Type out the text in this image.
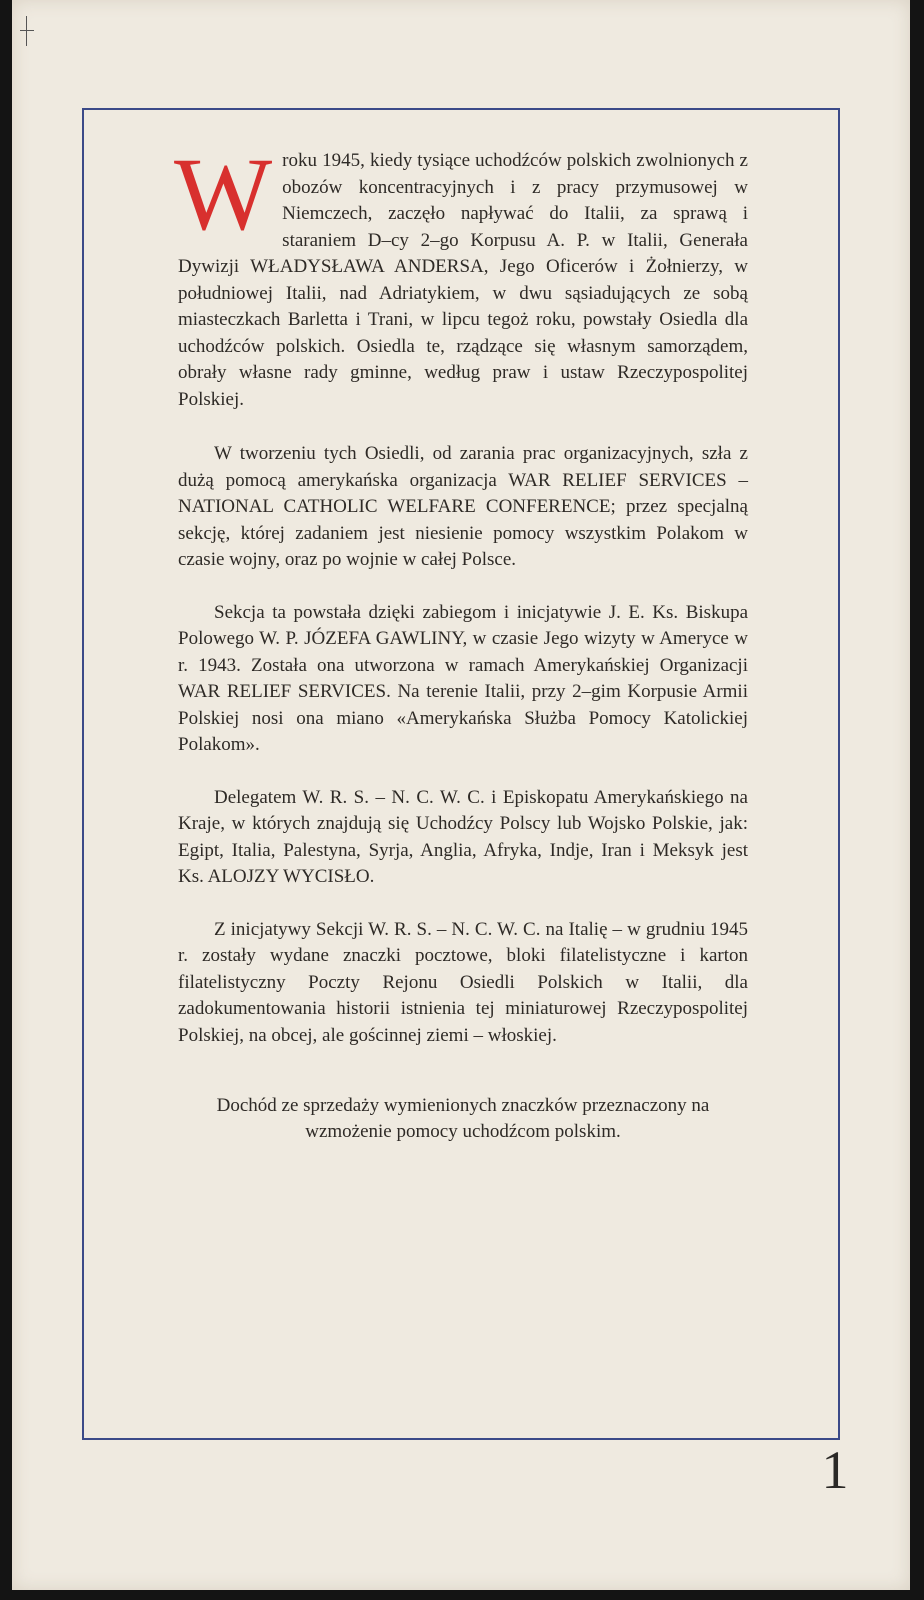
W roku 1945, kiedy tysiące uchodźców polskich zwolnionych z obozów koncentracyjnych i z pracy przymusowej w Niemczech, zaczęło napływać do Italii, za sprawą i staraniem D–cy 2–go Korpusu A. P. w Italii, Generała Dywizji WŁADYSŁAWA ANDERSA, Jego Oficerów i Żołnierzy, w południowej Italii, nad Adriatykiem, w dwu sąsiadujących ze sobą miasteczkach Barletta i Trani, w lipcu tegoż roku, powstały Osiedla dla uchodźców polskich. Osiedla te, rządzące się własnym samorządem, obrały własne rady gminne, według praw i ustaw Rzeczypospolitej Polskiej.

W tworzeniu tych Osiedli, od zarania prac organizacyjnych, szła z dużą pomocą amerykańska organizacja WAR RELIEF SERVICES – NATIONAL CATHOLIC WELFARE CONFERENCE; przez specjalną sekcję, której zadaniem jest niesienie pomocy wszystkim Polakom w czasie wojny, oraz po wojnie w całej Polsce.

Sekcja ta powstała dzięki zabiegom i inicjatywie J. E. Ks. Biskupa Polowego W. P. JÓZEFA GAWLINY, w czasie Jego wizyty w Ameryce w r. 1943. Została ona utworzona w ramach Amerykańskiej Organizacji WAR RELIEF SERVICES. Na terenie Italii, przy 2–gim Korpusie Armii Polskiej nosi ona miano «Amerykańska Służba Pomocy Katolickiej Polakom».

Delegatem W. R. S. – N. C. W. C. i Episkopatu Amerykańskiego na Kraje, w których znajdują się Uchodźcy Polscy lub Wojsko Polskie, jak: Egipt, Italia, Palestyna, Syrja, Anglia, Afryka, Indje, Iran i Meksyk jest Ks. ALOJZY WYCISŁO.

Z inicjatywy Sekcji W. R. S. – N. C. W. C. na Italię – w grudniu 1945 r. zostały wydane znaczki pocztowe, bloki filatelistyczne i karton filatelistyczny Poczty Rejonu Osiedli Polskich w Italii, dla zadokumentowania historii istnienia tej miniaturowej Rzeczypospolitej Polskiej, na obcej, ale gościnnej ziemi – włoskiej.

Dochód ze sprzedaży wymienionych znaczków przeznaczony na wzmożenie pomocy uchodźcom polskim.

1
